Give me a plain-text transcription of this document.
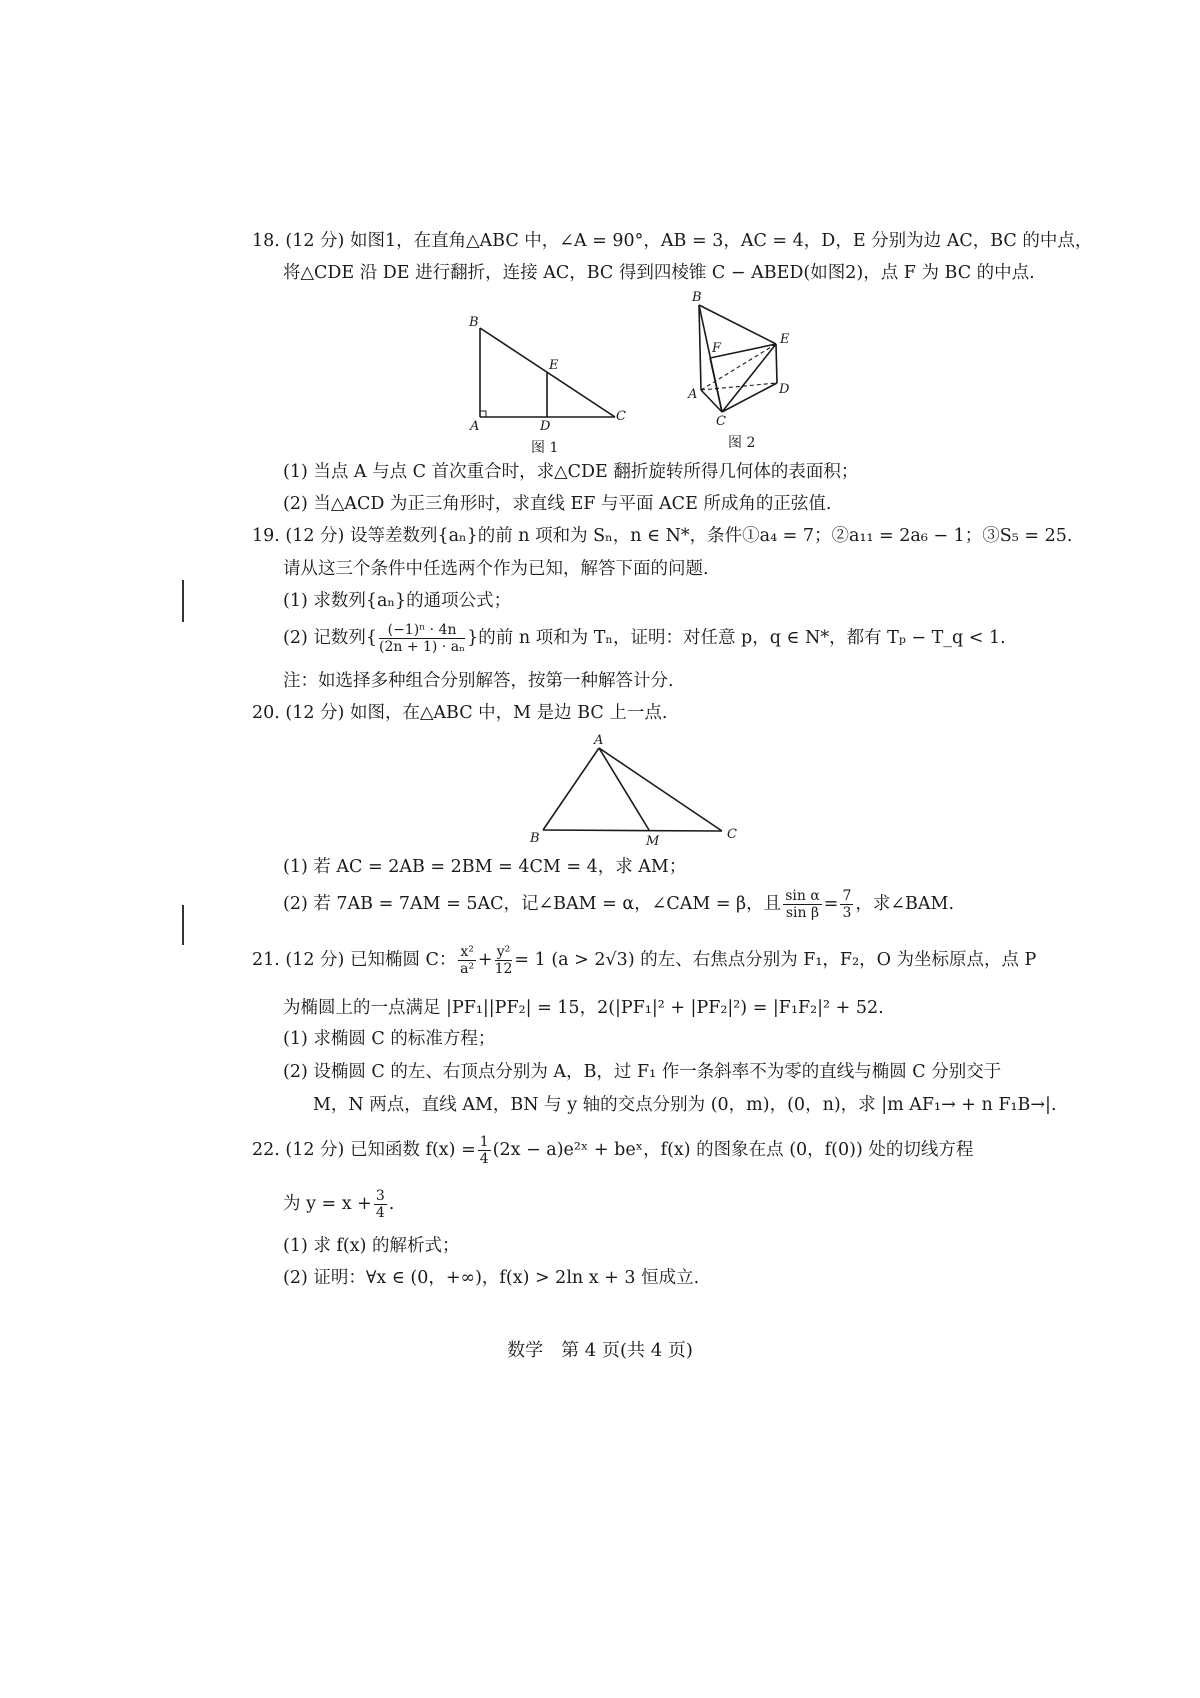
18. (12 分) 如图1，在直角△ABC 中，∠A = 90°，AB = 3，AC = 4，D，E 分别为边 AC，BC 的中点，
将△CDE 沿 DE 进行翻折，连接 AC，BC 得到四棱锥 C − ABED(如图2)，点 F 为 BC 的中点.
B
E
A	D
C
图 1
B
E
F
A	D
C
图 2
(1) 当点 A 与点 C 首次重合时，求△CDE 翻折旋转所得几何体的表面积；
(2) 当△ACD 为正三角形时，求直线 EF 与平面 ACE 所成角的正弦值.
19. (12 分) 设等差数列{aₙ}的前 n 项和为 Sₙ，n ∈ N*，条件①a₄ = 7；②a₁₁ = 2a₆ − 1；③S₅ = 25.
请从这三个条件中任选两个作为已知，解答下面的问题.
(1) 求数列{aₙ}的通项公式；
(2) 记数列{ $\frac{\text{(−1)ⁿ · 4n}}{\text{(2n + 1) · aₙ}}$ }的前 n 项和为 Tₙ，证明：对任意 p，q ∈ N*，都有 Tₚ − T_q < 1.
注：如选择多种组合分别解答，按第一种解答计分.
20. (12 分) 如图，在△ABC 中，M 是边 BC 上一点.
A
B	M	C
(1) 若 AC = 2AB = 2BM = 4CM = 4，求 AM；
(2) 若 7AB = 7AM = 5AC，记∠BAM = α，∠CAM = β，且 $\frac{\text{sin α}}{\text{sin β}} = \frac{7}{3}$ ，求∠BAM.
21. (12 分) 已知椭圆 C： $\frac{\text{x²}}{\text{a²}} + \frac{\text{y²}}{12} = 1$ (a > 2√3) 的左、右焦点分别为 F₁，F₂，O 为坐标原点，点 P
为椭圆上的一点满足 |PF₁||PF₂| = 15，2(|PF₁|² + |PF₂|²) = |F₁F₂|² + 52.
(1) 求椭圆 C 的标准方程；
(2) 设椭圆 C 的左、右顶点分别为 A，B，过 F₁ 作一条斜率不为零的直线与椭圆 C 分别交于
M，N 两点，直线 AM，BN 与 y 轴的交点分别为 (0，m)，(0，n)，求 |m AF₁→ + n F₁B→|.
22. (12 分) 已知函数 $f(x) = \frac{1}{4} (2x$ − a)e²ˣ + beˣ，f(x) 的图象在点 (0，f(0)) 处的切线方程
为 $y = x + \frac{3}{4}$ .
(1) 求 f(x) 的解析式；
(2) 证明：∀x ∈ (0，+∞)，f(x) > 2ln x + 3 恒成立.
数学　第 4 页(共 4 页)
